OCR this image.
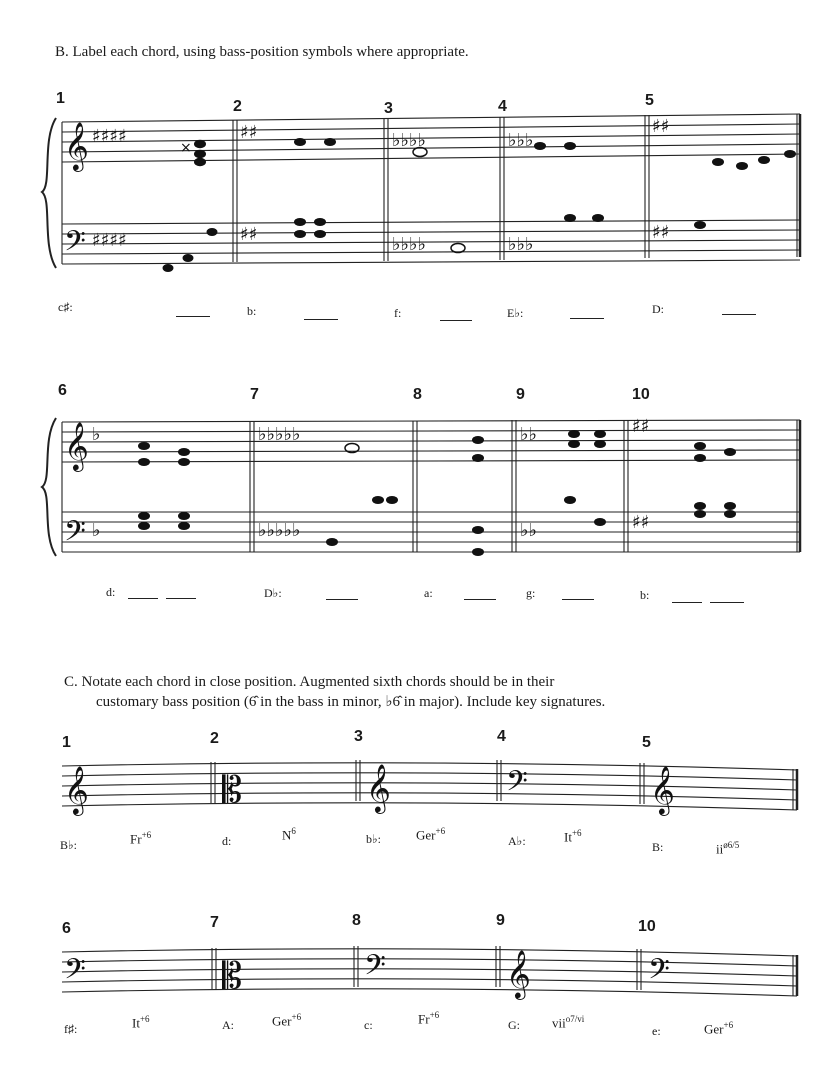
B. Label each chord, using bass-position symbols where appropriate.
𝄞
𝄢
♯♯♯♯
♯♯♯♯
♯♯
♯♯
♭♭♭♭
♭♭♭♭
♭♭♭
♭♭♭
♯♯
♯♯
×
𝄞
𝄢
♭
♭
♭♭♭♭♭
♭♭♭♭♭
♭♭
♭♭
♯♯
♯♯
𝄞	𝄡	𝄞	𝄢	𝄞
𝄢	𝄡	𝄢	𝄞	𝄢
1	2	3	4	5
6	7	8	9	10
c♯:	b:	f:	E♭:	D:
d:	D♭:	a:	g:	b:
C. Notate each chord in close position. Augmented sixth chords should be in their
customary bass position (6̂ in the bass in minor, ♭6̂ in major). Include key signatures.
1	2	3	4	5
6	7	8	9	10
B♭:	$Fr^{+6}$	d:	$N^6$
b♭:	Ger$^{+6}$
A♭:	$It^{+6}$
B:	$ii^{ø6/5}$
f♯:	$It^{+6}$	A:	Ger$^{+6}$
c:	$Fr^{+6}$
G: vii$^{o7/vi}$
e:	Ger$^{+6}$
